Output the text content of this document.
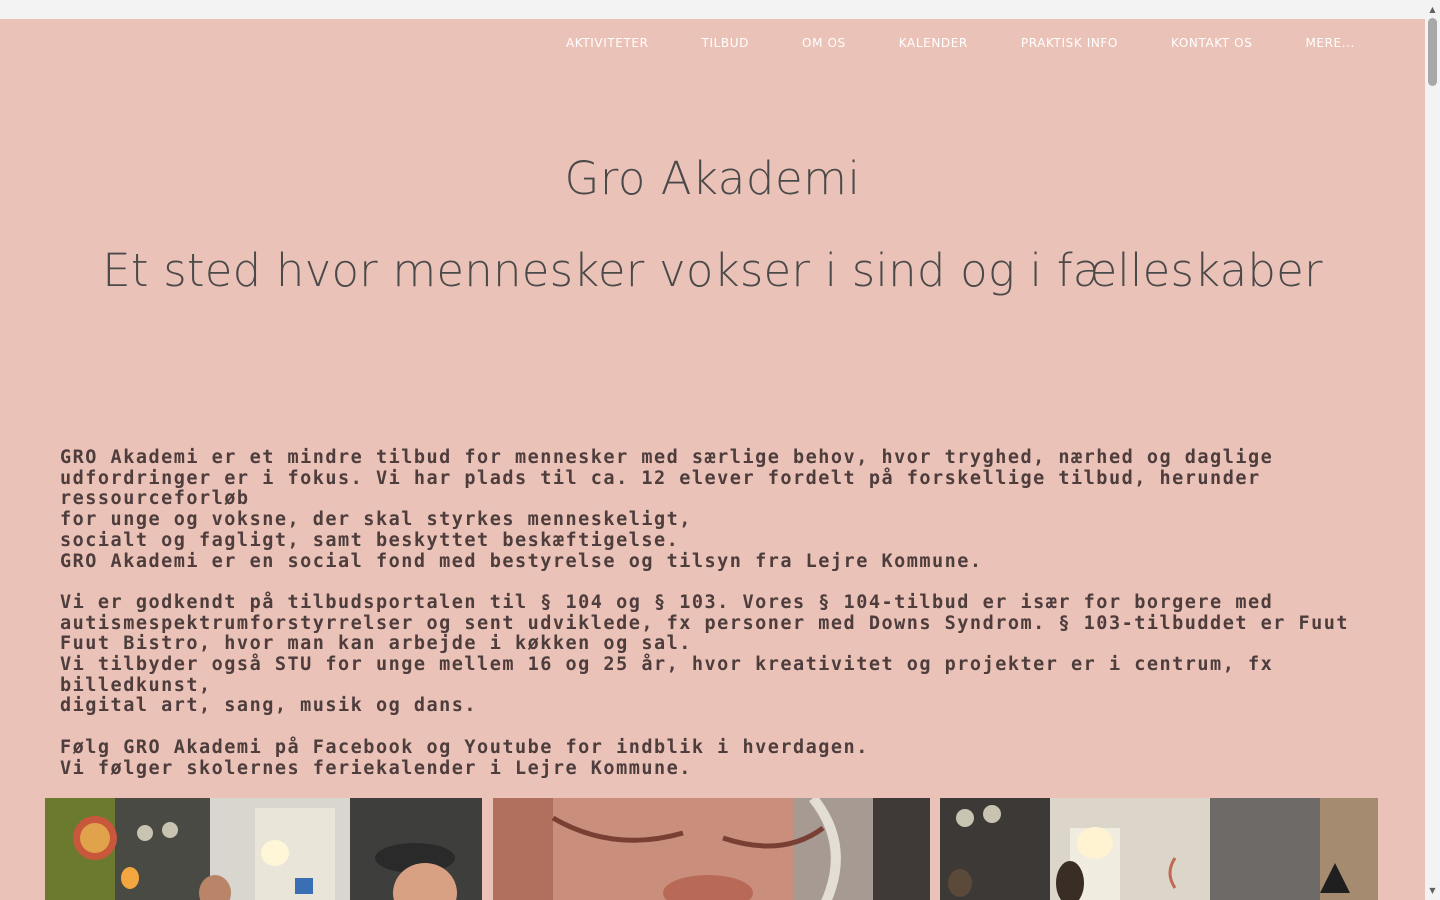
AKTIVITETER	TILBUD	OM OS	KALENDER	PRAKTISK INFO	KONTAKT OS	MERE...
Gro Akademi
Et sted hvor mennesker vokser i sind og i fælleskaber

GRO Akademi er et mindre tilbud for mennesker med særlige behov, hvor tryghed, nærhed og daglige

udfordringer er i fokus. Vi har plads til ca. 12 elever fordelt på forskellige tilbud, herunder ressourceforløb

for unge og voksne, der skal styrkes menneskeligt,

socialt og fagligt, samt beskyttet beskæftigelse.

GRO Akademi er en social fond med bestyrelse og tilsyn fra Lejre Kommune.

Vi er godkendt på tilbudsportalen til § 104 og § 103. Vores § 104-tilbud er især for borgere med

autismespektrumforstyrrelser og sent udviklede, fx personer med Downs Syndrom. § 103-tilbuddet er Fuut

Fuut Bistro, hvor man kan arbejde i køkken og sal.

Vi tilbyder også STU for unge mellem 16 og 25 år, hvor kreativitet og projekter er i centrum, fx billedkunst,

digital art, sang, musik og dans.

Følg GRO Akademi på Facebook og Youtube for indblik i hverdagen.

Vi følger skolernes feriekalender i Lejre Kommune.

▲
▼
